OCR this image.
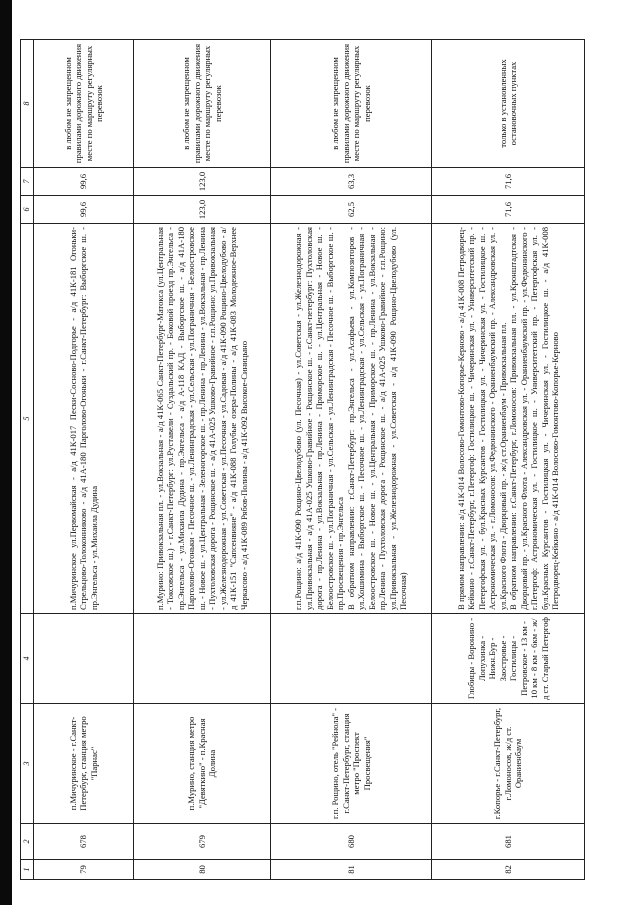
1	2	3	4	5	6	7	8
79	678	п.Мичуринское - г.Санкт-Петербург, станция метро "Парнас"		п.Мичуринское ул.Первомайская - а/д 41К-017 Пески-Сосново-Подгорье - а/д 41К-181 Огоньки-Стрельцово-Толоконниково - а/д 41А-180 Парголово-Огоньки - г.Санкт-Петербург: Выборгское ш. - пр.Энгельса - ул.Михаила Дудина	99,6	99,6	в любом не запрещенном правилами дорожного движения месте по маршруту регулярных перевозок
80	679	п.Мурино, станция метро "Девяткино" - п.Красная Долина		п.Мурино: Привокзальная пл. - ул.Вокзальная - а/д 41К-065 Санкт-Петербург-Матокса (ул.Центральная - Токсовское ш.) - г.Санкт-Петербург: ул.Руставели - Суздальский пр. - Боковой проезд пр.Энгельса - пр.Энгельса - ул.Михаила Дудина - пр.Энгельса - а/д А-118 КАД - Выборгское ш. - а/д 41А-180 Парголово-Огоньки - Песочное ш. - ул.Ленинградская - ул.Сельская - ул.Пограничная - Белоостровское ш. - Новое ш. - ул.Центральная - Зеленогорское ш. - пр.Ленина - пр.Ленина - ул.Вокзальная - пр.Ленина - Пухтоловская дорога - Рощинское ш. - а/д 41А-025 Ушково-Гравийное - г.п.Рощино: ул.Привокзальная - ул.Железнодорожная - ул.Советская - ул.Песочная - ул.Садовая - а/д 41К-090 Рощино-Цвелодубово - а/д 41К-151 "Сапсенвияне" - а/д 41К-088 Голубые озера-Полины - а/д 41К-083 Молодежное-Верхнее Черкасово - а/д 41К-089 Рябов-Полины - а/д 41К-092 Высокое-Синицыно	123,0	123,0	в любом не запрещенном правилами дорожного движения месте по маршруту регулярных перевозок
81	680	г.п. Рощино, отель "Рейнола" - г.Санкт-Петербург, станция метро "Проспект Просвещения"		г.п.Рощино: а/д 41К-090 Рощино-Цвелодубово (ул. Песочная) - ул.Советская - ул.Железнодорожная - ул.Привокзальная - а/д 41А-025 Ушково-Гравийное - Рощинское ш. - г.Санкт-петербург: Пухтоловская дорога - пр.Ленина - ул.Вокзальная - пр.Ленина - Приморское ш. - ул.Центральная - Новое ш. - Белоостровское ш. - ул.Пограничная - ул.Сельская - ул.Ленинградская - Песочное ш. - Выборгское ш. - пр.Просвещения - пр.Энгельса В обратном направлении: г.Санкт-Петербург: пр.Энгельса - ул.Асафьева - ул.Композиторов - ул.Хошимина - Выборгское ш. - Песочное ш. - ул.Ленинградская - ул.Сельская - ул.Пограничная - Белоостровское ш. - Новое ш. - ул.Центральная - Приморское ш. - пр.Ленина - ул.Вокзальная - пр.Ленина - Пухтоловская дорога - Рощинское ш. - а/д 41А-025 Ушково-Гравийное - г.п.Рощино: ул.Привокзальная - ул.Железнодорожная - ул.Советская - а/д 41К-090 Рощино-Цвелодубово (ул. Песочная)	62,5	63,3	в любом не запрещенном правилами дорожного движения месте по маршруту регулярных перевозок
82	681	г.Копорье - г.Санкт-Петербург, г.Ломоносов, ж/д ст. Ораниенбаум	Глобицы - Воронино - Лопухинка - Нижн.Бур - Заостровье - Гостилицы - Петровское - 13 км - 10 км - 8 км - 6км - ж/д ст. Старый Петергоф	В прямом направлении: а/д 41К-014 Волосово-Гомонтово-Копорье-Керново - а/д 41К-008 Петродворец-Кейкино - г.Санкт-Петербург, г.Петергоф: Гостилицкое ш. - Чичеринская ул. - Университетский пр. - Петергофская ул. - бул.Красных Курсантов - Гостилицкая ул. - Чичеринская ул. - Гостилицкое ш. - Астрономическая ул. - г.Ломоносов: ул.Федюнинского - Ораниенбаумский пр. - Александровская ул. - ул.Красного Флота - Дворцовый пр. - ж/д ст.Ораниенбаум - Привокзальная пл. В обратном направлении: г.Санкт-Петербург, г.Ломоносов: Привокзальная пл. - ул.Кронштадтская - Дворцовый пр. - ул.Красного Флота - Александровская ул. - Ораниенбаумский пр. - ул.Федюнинского - г.Петергоф: Астрономическая ул. - Гостилицкое ш. - Университетский пр. - Петергофская ул. - бул.Красных Курсантов - Гостилицкая ул. - Чичеринская ул. - Гостилицкое ш. - а/д 41К-008 Петродворец-Кейкино - а/д 41К-014 Волосово-Гомонтово-Копорье-Керново	71,6	71,6	только в установленных остановочных пунктах
